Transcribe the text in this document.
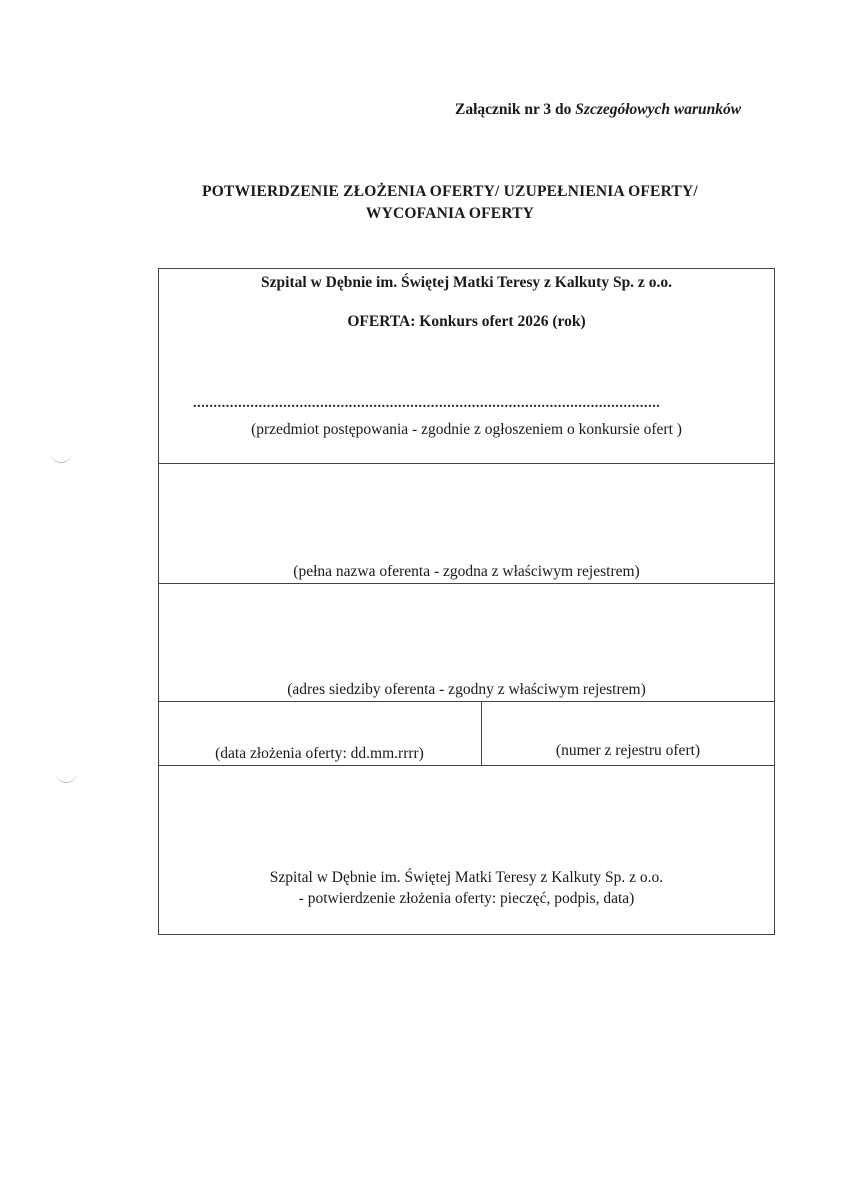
Załącznik nr 3 do Szczegółowych warunków
POTWIERDZENIE ZŁOŻENIA OFERTY/ UZUPEŁNIENIA OFERTY/
WYCOFANIA OFERTY
Szpital w Dębnie im. Świętej Matki Teresy z Kalkuty Sp. z o.o.
OFERTA: Konkurs ofert 2026 (rok)
..................................................................................................................
(przedmiot postępowania - zgodnie z ogłoszeniem o konkursie ofert )
(pełna nazwa oferenta - zgodna z właściwym rejestrem)
(adres siedziby oferenta - zgodny z właściwym rejestrem)
(data złożenia oferty: dd.mm.rrrr)	(numer z rejestru ofert)
Szpital w Dębnie im. Świętej Matki Teresy z Kalkuty Sp. z o.o.
- potwierdzenie złożenia oferty: pieczęć, podpis, data)
